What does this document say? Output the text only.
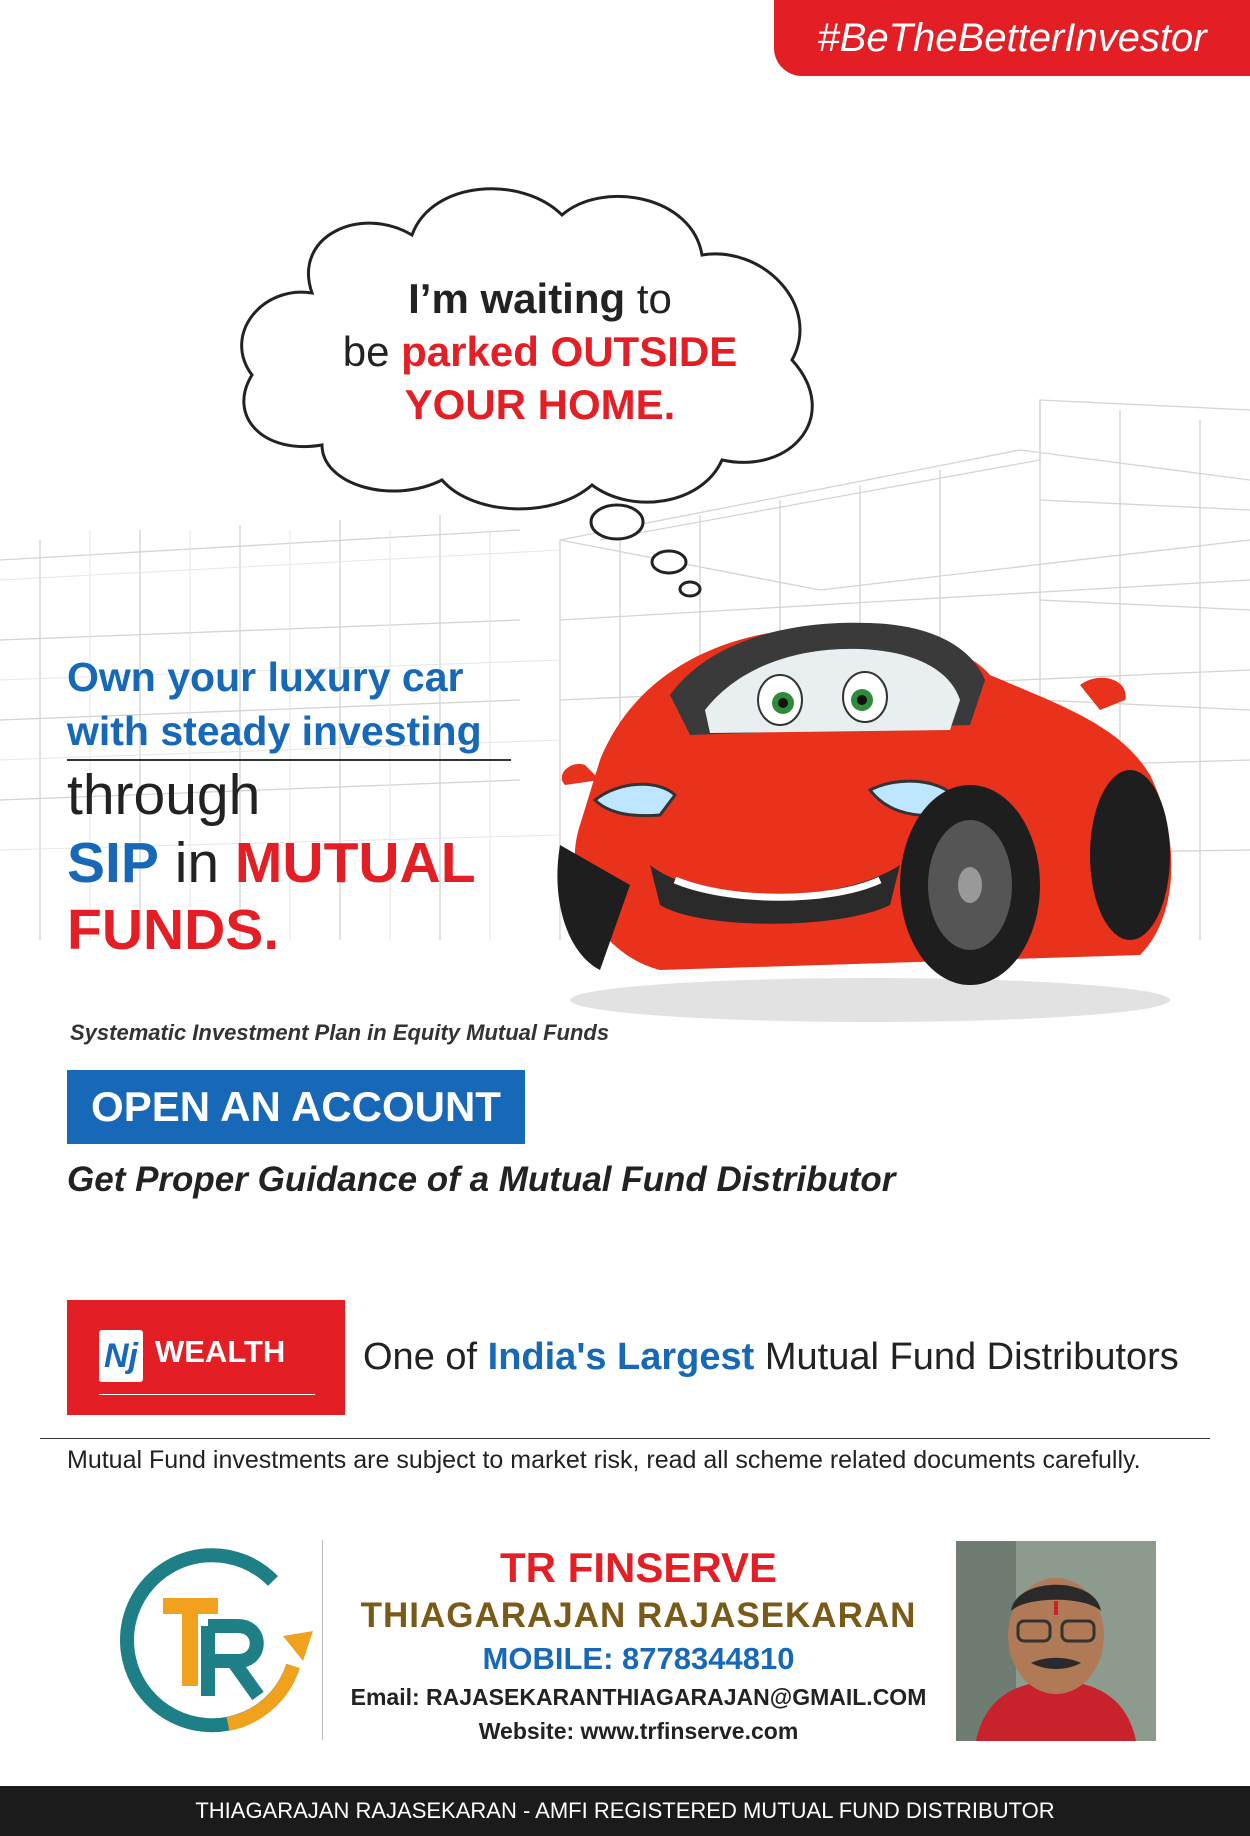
#BeTheBetterInvestor
I’m waiting to
be parked OUTSIDE
YOUR HOME.
Own your luxury car
with steady investing
through
SIP in MUTUAL
FUNDS.
Systematic Investment Plan in Equity Mutual Funds
OPEN AN ACCOUNT
Get Proper Guidance of a Mutual Fund Distributor
Nj WEALTH One of India's Largest Mutual Fund Distributors
Mutual Fund investments are subject to market risk, read all scheme related documents carefully.
TR FINSERVE
THIAGARAJAN RAJASEKARAN
MOBILE: 8778344810
Email: RAJASEKARANTHIAGARAJAN@GMAIL.COM
Website: www.trfinserve.com
THIAGARAJAN RAJASEKARAN - AMFI REGISTERED MUTUAL FUND DISTRIBUTOR
